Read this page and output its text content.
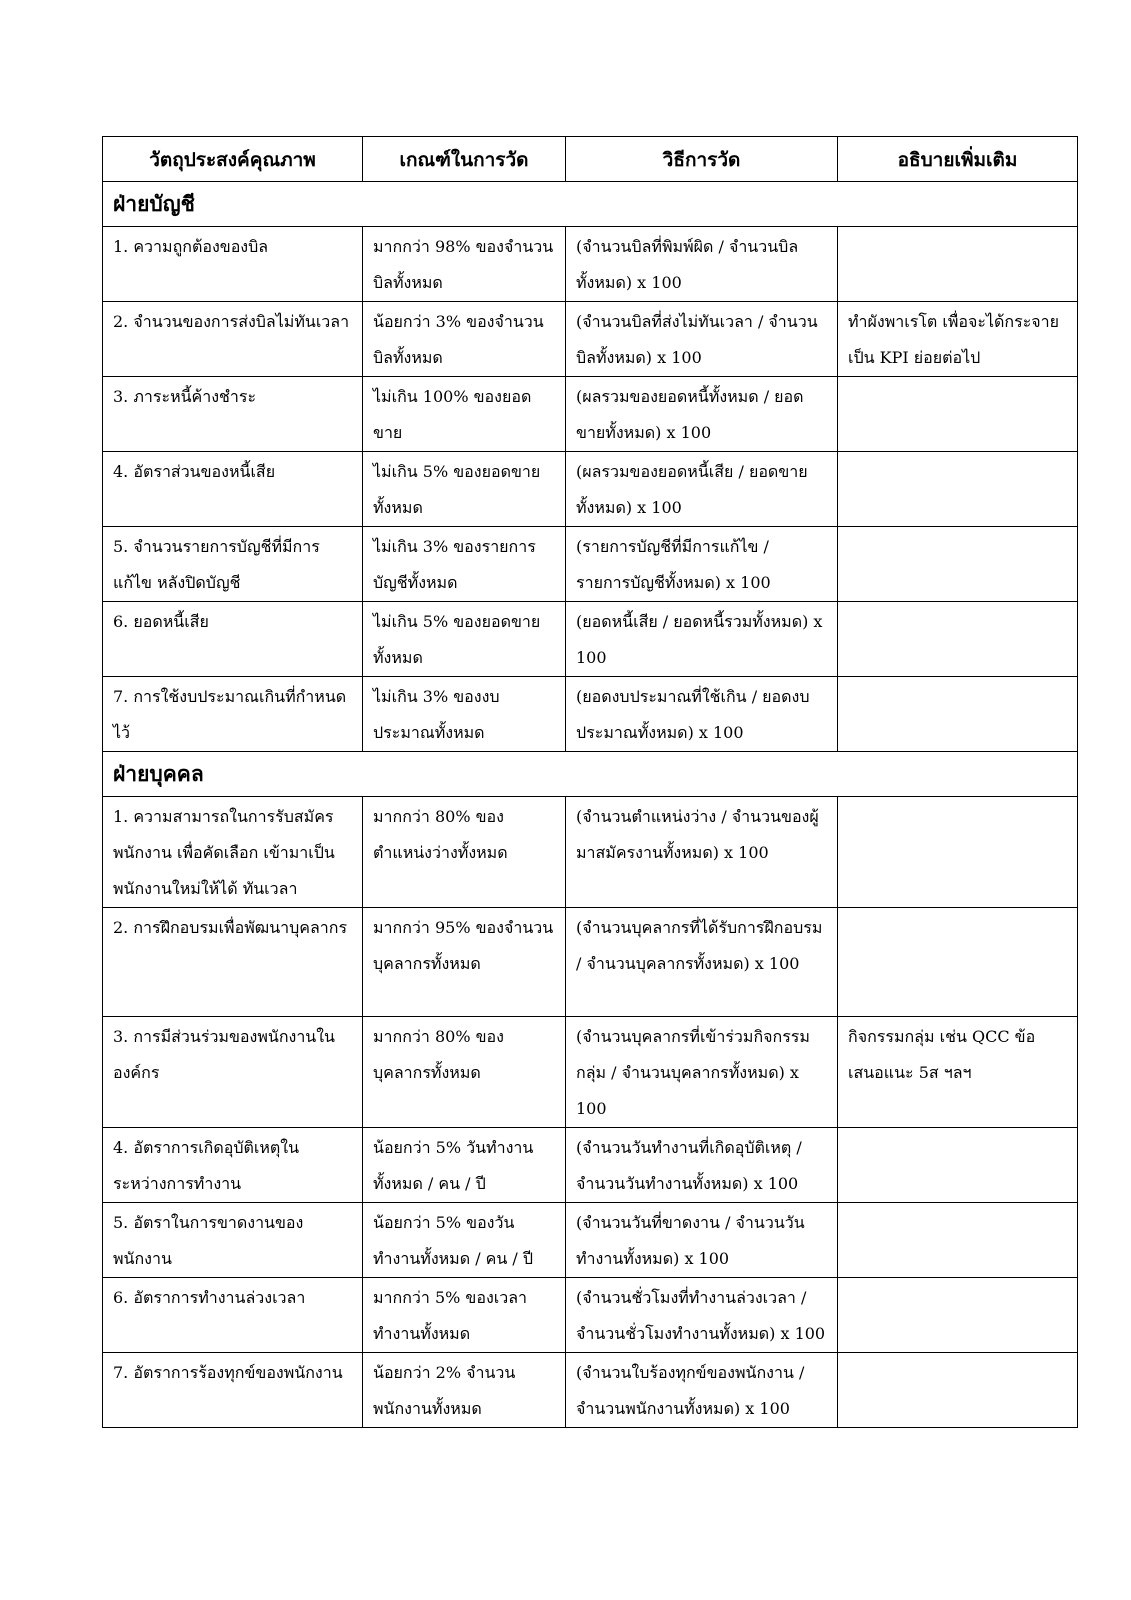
วัตถุประสงค์คุณภาพ	เกณฑ์ในการวัด	วิธีการวัด	อธิบายเพิ่มเติม
ฝ่ายบัญชี			
1. ความถูกต้องของบิล	มากกว่า 98% ของจำนวนบิลทั้งหมด	(จำนวนบิลที่พิมพ์ผิด / จำนวนบิลทั้งหมด) x 100	
2. จำนวนของการส่งบิลไม่ทันเวลา	น้อยกว่า 3% ของจำนวนบิลทั้งหมด	(จำนวนบิลที่ส่งไม่ทันเวลา / จำนวนบิลทั้งหมด) x 100	ทำผังพาเรโต เพื่อจะได้กระจายเป็น KPI ย่อยต่อไป
3. ภาระหนี้ค้างชำระ	ไม่เกิน 100% ของยอดขาย	(ผลรวมของยอดหนี้ทั้งหมด / ยอดขายทั้งหมด) x 100	
4. อัตราส่วนของหนี้เสีย	ไม่เกิน 5% ของยอดขายทั้งหมด	(ผลรวมของยอดหนี้เสีย / ยอดขายทั้งหมด) x 100	
5. จำนวนรายการบัญชีที่มีการแก้ไข หลังปิดบัญชี	ไม่เกิน 3% ของรายการบัญชีทั้งหมด	(รายการบัญชีที่มีการแก้ไข / รายการบัญชีทั้งหมด) x 100	
6. ยอดหนี้เสีย	ไม่เกิน 5% ของยอดขายทั้งหมด	(ยอดหนี้เสีย / ยอดหนี้รวมทั้งหมด) x 100	
7. การใช้งบประมาณเกินที่กำหนดไว้	ไม่เกิน 3% ของงบประมาณทั้งหมด	(ยอดงบประมาณที่ใช้เกิน / ยอดงบประมาณทั้งหมด) x 100	
ฝ่ายบุคคล			
1. ความสามารถในการรับสมัครพนักงาน เพื่อคัดเลือก เข้ามาเป็นพนักงานใหม่ให้ได้ ทันเวลา	มากกว่า 80% ของตำแหน่งว่างทั้งหมด	(จำนวนตำแหน่งว่าง / จำนวนของผู้มาสมัครงานทั้งหมด) x 100	
2. การฝึกอบรมเพื่อพัฒนาบุคลากร	มากกว่า 95% ของจำนวนบุคลากรทั้งหมด	(จำนวนบุคลากรที่ได้รับการฝึกอบรม / จำนวนบุคลากรทั้งหมด) x 100	
3. การมีส่วนร่วมของพนักงานในองค์กร	มากกว่า 80% ของบุคลากรทั้งหมด	(จำนวนบุคลากรที่เข้าร่วมกิจกรรมกลุ่ม / จำนวนบุคลากรทั้งหมด) x 100	กิจกรรมกลุ่ม เช่น QCC ข้อเสนอแนะ 5ส ฯลฯ
4. อัตราการเกิดอุบัติเหตุในระหว่างการทำงาน	น้อยกว่า 5% วันทำงานทั้งหมด / คน / ปี	(จำนวนวันทำงานที่เกิดอุบัติเหตุ / จำนวนวันทำงานทั้งหมด) x 100	
5. อัตราในการขาดงานของพนักงาน	น้อยกว่า 5% ของวันทำงานทั้งหมด / คน / ปี	(จำนวนวันที่ขาดงาน / จำนวนวันทำงานทั้งหมด) x 100	
6. อัตราการทำงานล่วงเวลา	มากกว่า 5% ของเวลาทำงานทั้งหมด	(จำนวนชั่วโมงที่ทำงานล่วงเวลา / จำนวนชั่วโมงทำงานทั้งหมด) x 100	
7. อัตราการร้องทุกข์ของพนักงาน	น้อยกว่า 2% จำนวนพนักงานทั้งหมด	(จำนวนใบร้องทุกข์ของพนักงาน / จำนวนพนักงานทั้งหมด) x 100	
